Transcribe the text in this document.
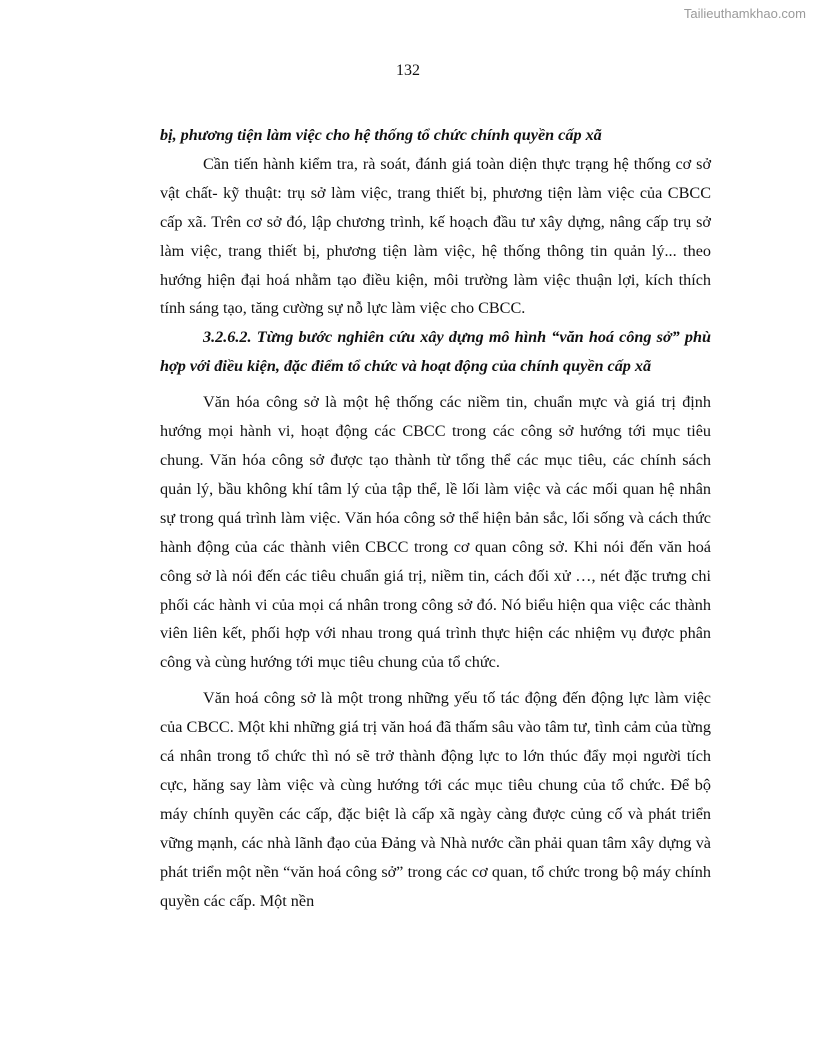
Tailieuthamkhao.com
132

bị, phương tiện làm việc cho hệ thống tổ chức chính quyền cấp xã

Cần tiến hành kiểm tra, rà soát, đánh giá toàn diện thực trạng hệ thống cơ sở vật chất- kỹ thuật: trụ sở làm việc, trang thiết bị, phương tiện làm việc của CBCC cấp xã. Trên cơ sở đó, lập chương trình, kế hoạch đầu tư xây dựng, nâng cấp trụ sở làm việc, trang thiết bị, phương tiện làm việc, hệ thống thông tin quản lý... theo hướng hiện đại hoá nhằm tạo điều kiện, môi trường làm việc thuận lợi, kích thích tính sáng tạo, tăng cường sự nỗ lực làm việc cho CBCC.

3.2.6.2. Từng bước nghiên cứu xây dựng mô hình “văn hoá công sở” phù hợp với điều kiện, đặc điểm tổ chức và hoạt động của chính quyền cấp xã

Văn hóa công sở là một hệ thống các niềm tin, chuẩn mực và giá trị định hướng mọi hành vi, hoạt động các CBCC trong các công sở hướng tới mục tiêu chung. Văn hóa công sở được tạo thành từ tổng thể các mục tiêu, các chính sách quản lý, bầu không khí tâm lý của tập thể, lề lối làm việc và các mối quan hệ nhân sự trong quá trình làm việc. Văn hóa công sở thể hiện bản sắc, lối sống và cách thức hành động của các thành viên CBCC trong cơ quan công sở. Khi nói đến văn hoá công sở là nói đến các tiêu chuẩn giá trị, niềm tin, cách đối xử …, nét đặc trưng chi phối các hành vi của mọi cá nhân trong công sở đó. Nó biểu hiện qua việc các thành viên liên kết, phối hợp với nhau trong quá trình thực hiện các nhiệm vụ được phân công và cùng hướng tới mục tiêu chung của tổ chức.

Văn hoá công sở là một trong những yếu tố tác động đến động lực làm việc của CBCC. Một khi những giá trị văn hoá đã thấm sâu vào tâm tư, tình cảm của từng cá nhân trong tổ chức thì nó sẽ trở thành động lực to lớn thúc đẩy mọi người tích cực, hăng say làm việc và cùng hướng tới các mục tiêu chung của tổ chức. Để bộ máy chính quyền các cấp, đặc biệt là cấp xã ngày càng được củng cố và phát triển vững mạnh, các nhà lãnh đạo của Đảng và Nhà nước cần phải quan tâm xây dựng và phát triển một nền “văn hoá công sở” trong các cơ quan, tổ chức trong bộ máy chính quyền các cấp. Một nền
